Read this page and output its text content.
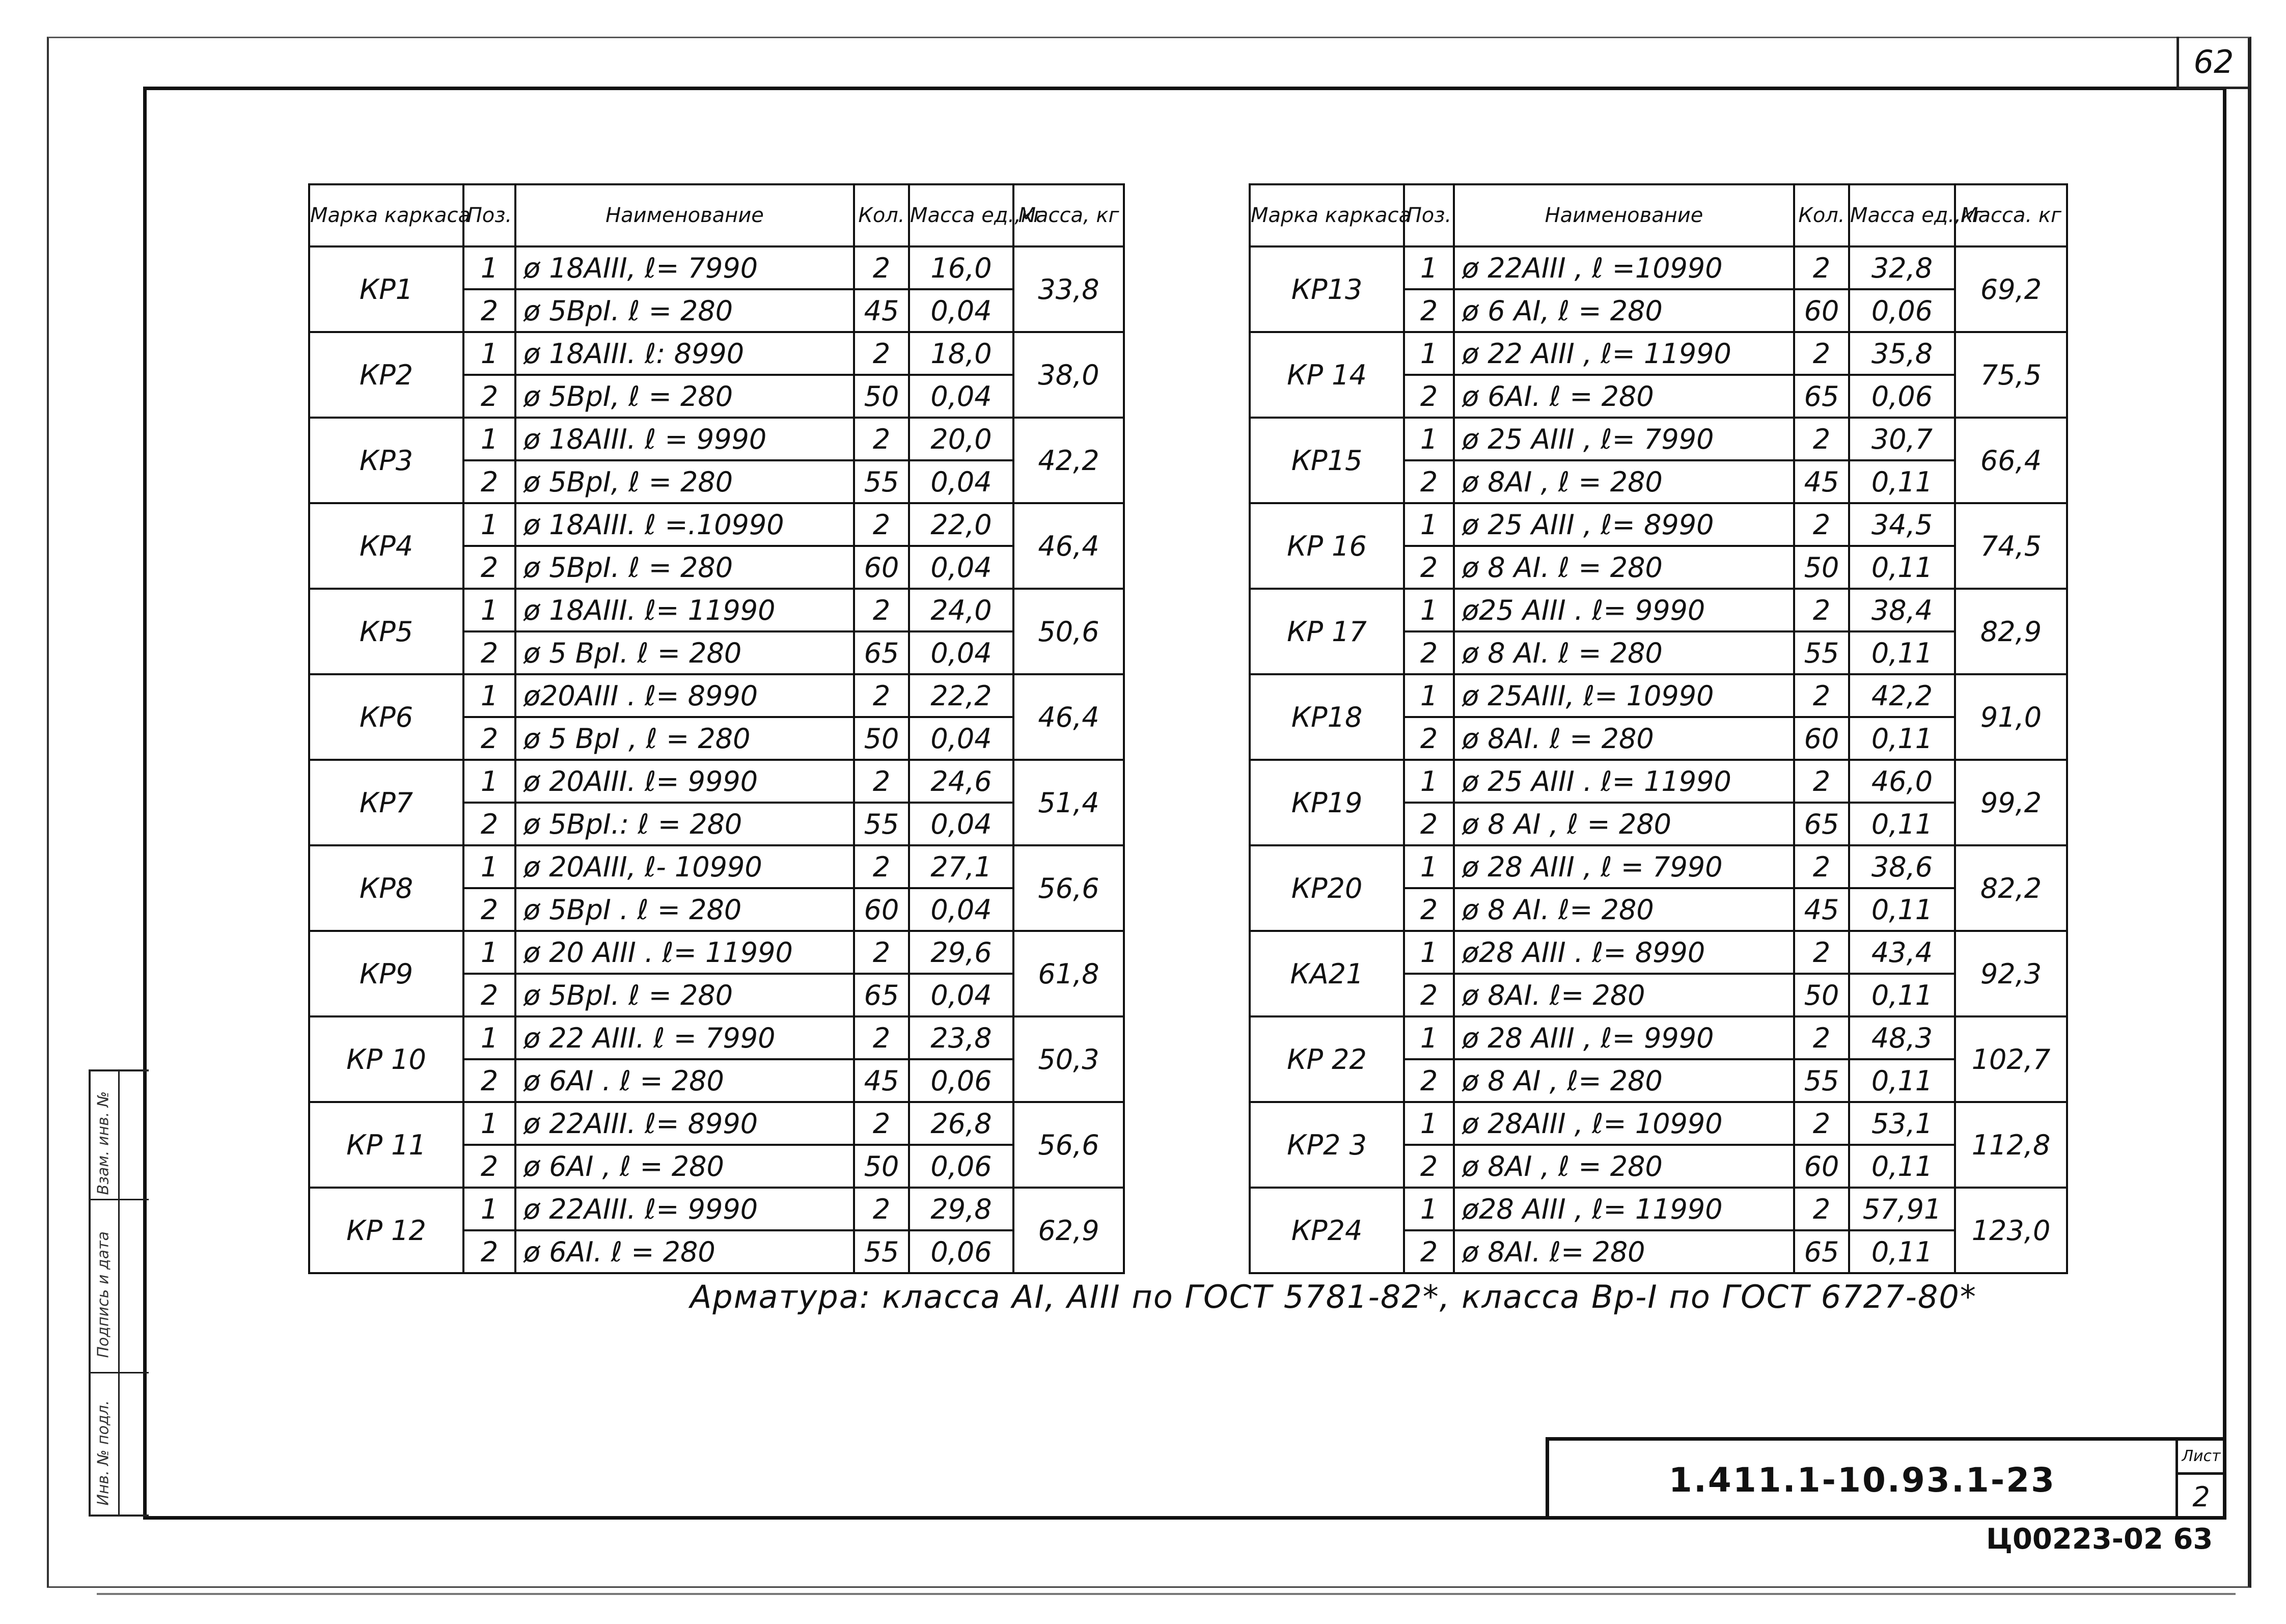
62
Взам. инв. №
Подпись и дата
Инв. № подл.
Марка каркаса	Поз.	Наименование	Кол.	Масса ед.,кг	Масса, кг
КР1	1	ø 18АIII, ℓ= 7990	2	16,0	33,8
	2	ø 5ВрI. ℓ = 280	45	0,04	
КР2	1	ø 18АIII. ℓ: 8990	2	18,0	38,0
	2	ø 5ВрI, ℓ = 280	50	0,04	
КР3	1	ø 18АIII. ℓ = 9990	2	20,0	42,2
	2	ø 5ВрI, ℓ = 280	55	0,04	
КР4	1	ø 18АIII. ℓ =.10990	2	22,0	46,4
	2	ø 5ВрI. ℓ = 280	60	0,04	
КР5	1	ø 18АIII. ℓ= 11990	2	24,0	50,6
	2	ø 5 ВрI. ℓ = 280	65	0,04	
КР6	1	ø20АIII . ℓ= 8990	2	22,2	46,4
	2	ø 5 ВрI , ℓ = 280	50	0,04	
КР7	1	ø 20АIII. ℓ= 9990	2	24,6	51,4
	2	ø 5ВрI.: ℓ = 280	55	0,04	
КР8	1	ø 20АIII, ℓ- 10990	2	27,1	56,6
	2	ø 5ВрI . ℓ = 280	60	0,04	
КР9	1	ø 20 АIII . ℓ= 11990	2	29,6	61,8
	2	ø 5ВрI. ℓ = 280	65	0,04	
КР 10	1	ø 22 АIII. ℓ = 7990	2	23,8	50,3
	2	ø 6АI . ℓ = 280	45	0,06	
КР 11	1	ø 22АIII. ℓ= 8990	2	26,8	56,6
	2	ø 6АI , ℓ = 280	50	0,06	
КР 12	1	ø 22АIII. ℓ= 9990	2	29,8	62,9
	2	ø 6АI. ℓ = 280	55	0,06	
Марка каркаса	Поз.	Наименование	Кол.	Масса ед.,кг	Масса. кг
КР13	1	ø 22АIII , ℓ =10990	2	32,8	69,2
	2	ø 6 АI, ℓ = 280	60	0,06	
КР 14	1	ø 22 АIII , ℓ= 11990	2	35,8	75,5
	2	ø 6АI. ℓ = 280	65	0,06	
КР15	1	ø 25 АIII , ℓ= 7990	2	30,7	66,4
	2	ø 8АI , ℓ = 280	45	0,11	
КР 16	1	ø 25 АIII , ℓ= 8990	2	34,5	74,5
	2	ø 8 АI. ℓ = 280	50	0,11	
КР 17	1	ø25 АIII . ℓ= 9990	2	38,4	82,9
	2	ø 8 АI. ℓ = 280	55	0,11	
КР18	1	ø 25АIII, ℓ= 10990	2	42,2	91,0
	2	ø 8АI. ℓ = 280	60	0,11	
КР19	1	ø 25 АIII . ℓ= 11990	2	46,0	99,2
	2	ø 8 АI , ℓ = 280	65	0,11	
КР20	1	ø 28 АIII , ℓ = 7990	2	38,6	82,2
	2	ø 8 АI. ℓ= 280	45	0,11	
КА21	1	ø28 АIII . ℓ= 8990	2	43,4	92,3
	2	ø 8АI. ℓ= 280	50	0,11	
КР 22	1	ø 28 АIII , ℓ= 9990	2	48,3	102,7
	2	ø 8 АI , ℓ= 280	55	0,11	
КР2 3	1	ø 28АIII , ℓ= 10990	2	53,1	112,8
	2	ø 8АI , ℓ = 280	60	0,11	
КР24	1	ø28 АIII , ℓ= 11990	2	57,91	123,0
	2	ø 8АI. ℓ= 280	65	0,11	
Арматура: класса АI, АIII по ГОСТ 5781-82*, класса Вр-I по ГОСТ 6727-80*
1.411.1-10.93.1-23
Лист
2
Ц00223-02 63
